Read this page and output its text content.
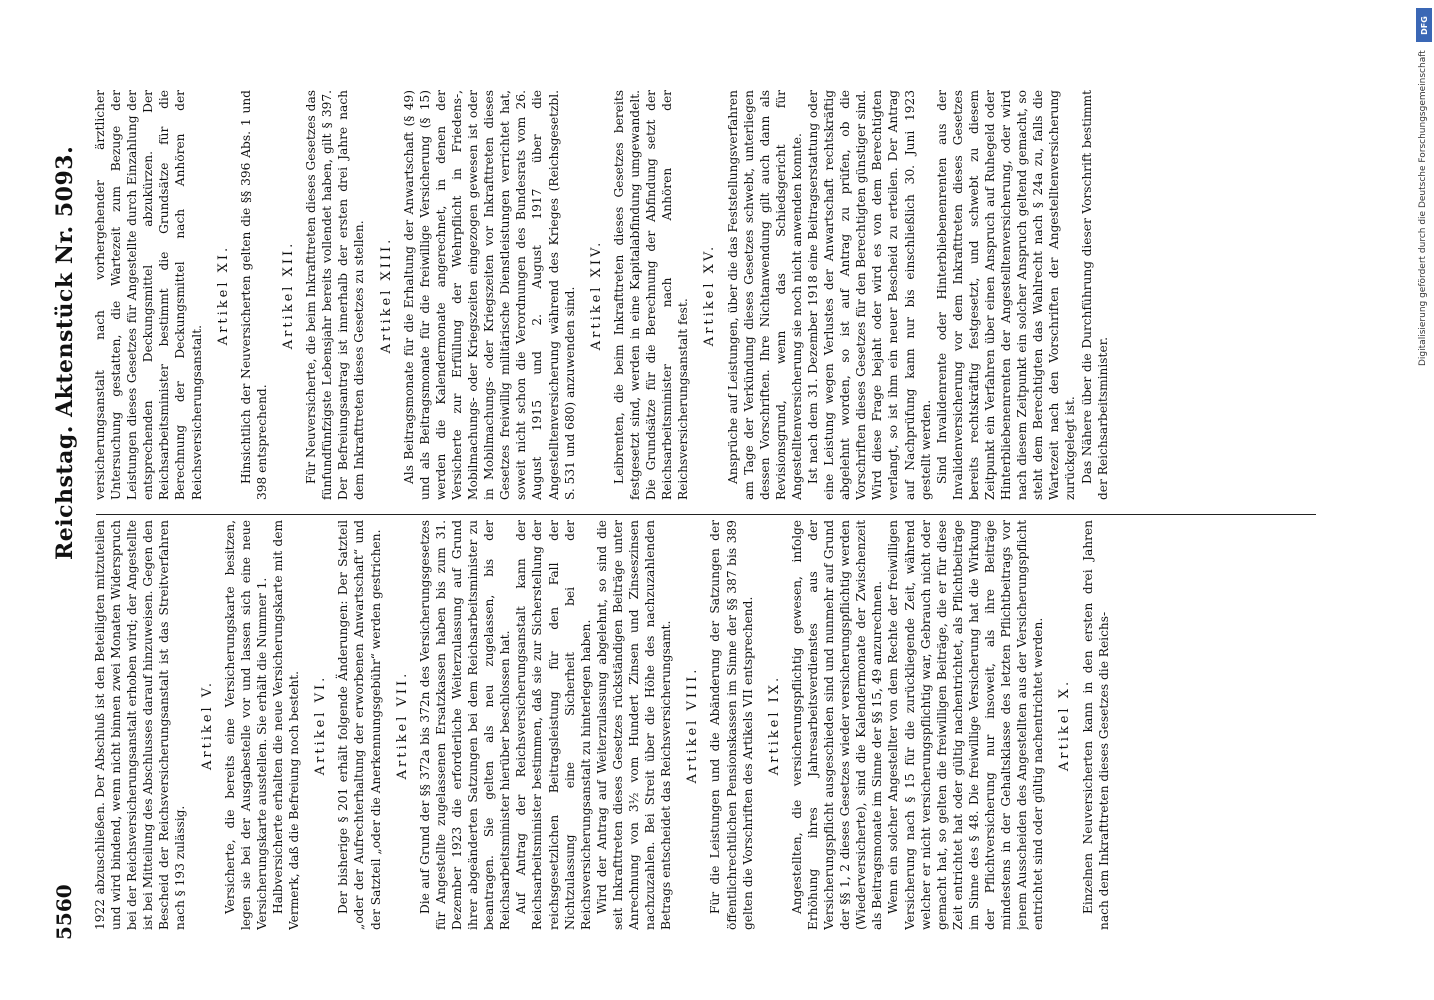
5560
Reichstag. Aktenstück Nr. 5093.

1922 abzuschließen. Der Abschluß ist den Beteiligten mitzuteilen und wird bindend, wenn nicht binnen zwei Monaten Widerspruch bei der Reichsversicherungsanstalt erhoben wird; der Angestellte ist bei Mitteilung des Abschlusses darauf hinzuweisen. Gegen den Bescheid der Reichsversicherungsanstalt ist das Streitverfahren nach § 193 zulässig.

Artikel V. Versicherte, die bereits eine Versicherungskarte besitzen, legen sie bei der Ausgabestelle vor und lassen sich eine neue Versicherungskarte ausstellen. Sie erhält die Nummer 1. Halbversicherte erhalten die neue Versicherungskarte mit dem Vermerk, daß die Befreiung noch besteht. Artikel VI. Der bisherige § 201 erhält folgende Änderungen: Der Satzteil „oder der Aufrechterhaltung der erworbenen Anwartschaft“ und der Satzteil „oder die Anerkennungsgebühr“ werden gestrichen. Artikel VII. Die auf Grund der §§ 372a bis 372n des Versicherungsgesetzes für Angestellte zugelassenen Ersatzkassen haben bis zum 31. Dezember 1923 die erforderliche Weiterzulassung auf Grund ihrer abgeänderten Satzungen bei dem Reichsarbeitsminister zu beantragen. Sie gelten als neu zugelassen, bis der Reichsarbeitsminister hierüber beschlossen hat. Auf Antrag der Reichsversicherungsanstalt kann der Reichsarbeitsminister bestimmen, daß sie zur Sicherstellung der reichsgesetzlichen Beitragsleistung für den Fall der Nichtzulassung eine Sicherheit bei der Reichsversicherungsanstalt zu hinterlegen haben. Wird der Antrag auf Weiterzulassung abgelehnt, so sind die seit Inkrafttreten dieses Gesetzes rückständigen Beiträge unter Anrechnung von 3½ vom Hundert Zinsen und Zinseszinsen nachzuzahlen. Bei Streit über die Höhe des nachzuzahlenden Betrags entscheidet das Reichsversicherungsamt. Artikel VIII. Für die Leistungen und die Abänderung der Satzungen der öffentlichrechtlichen Pensionskassen im Sinne der §§ 387 bis 389 gelten die Vorschriften des Artikels VII entsprechend. Artikel IX. Angestellten, die versicherungspflichtig gewesen, infolge Erhöhung ihres Jahresarbeitsverdienstes aus der Versicherungspflicht ausgeschieden sind und nunmehr auf Grund der §§ 1, 2 dieses Gesetzes wieder versicherungspflichtig werden (Wiederversicherte), sind die Kalendermonate der Zwischenzeit als Beitragsmonate im Sinne der §§ 15, 49 anzurechnen. Wenn ein solcher Angestellter von dem Rechte der freiwilligen Versicherung nach § 15 für die zurückliegende Zeit, während welcher er nicht versicherungspflichtig war, Gebrauch nicht oder gemacht hat, so gelten die freiwilligen Beiträge, die er für diese Zeit entrichtet hat oder gültig nachentrichtet, als Pflichtbeiträge im Sinne des § 48. Die freiwillige Versicherung hat die Wirkung der Pflichtversicherung nur insoweit, als ihre Beiträge mindestens in der Gehaltsklasse des letzten Pflichtbeitrags vor jenem Ausscheiden des Angestellten aus der Versicherungspflicht entrichtet sind oder gültig nachentrichtet werden. Artikel X. Einzelnen Neuversicherten kann in den ersten drei Jahren nach dem Inkrafttreten dieses Gesetzes die Reichs-

versicherungsanstalt nach vorhergehender ärztlicher Untersuchung gestatten, die Wartezeit zum Bezuge der Leistungen dieses Gesetzes für Angestellte durch Einzahlung der entsprechenden Deckungsmittel abzukürzen. Der Reichsarbeitsminister bestimmt die Grundsätze für die Berechnung der Deckungsmittel nach Anhören der Reichsversicherungsanstalt.

Artikel XI. Hinsichtlich der Neuversicherten gelten die §§ 396 Abs. 1 und 398 entsprechend.

Artikel XII. Für Neuversicherte, die beim Inkrafttreten dieses Gesetzes das fünfundfünfzigste Lebensjahr bereits vollendet haben, gilt § 397. Der Befreiungsantrag ist innerhalb der ersten drei Jahre nach dem Inkrafttreten dieses Gesetzes zu stellen. Artikel XIII. Als Beitragsmonate für die Erhaltung der Anwartschaft (§ 49) und als Beitragsmonate für die freiwillige Versicherung (§ 15) werden die Kalendermonate angerechnet, in denen der Versicherte zur Erfüllung der Wehrpflicht in Friedens-, Mobilmachungs- oder Kriegszeiten eingezogen gewesen ist oder in Mobilmachungs- oder Kriegszeiten vor Inkrafttreten dieses Gesetzes freiwillig militärische Dienstleistungen verrichtet hat, soweit nicht schon die Verordnungen des Bundesrats vom 26. August 1915 und 2. August 1917 über die Angestelltenversicherung während des Krieges (Reichsgesetzbl. S. 531 und 680) anzuwenden sind. Artikel XIV. Leibrenten, die beim Inkrafttreten dieses Gesetzes bereits festgesetzt sind, werden in eine Kapitalabfindung umgewandelt. Die Grundsätze für die Berechnung der Abfindung setzt der Reichsarbeitsminister nach Anhören der Reichsversicherungsanstalt fest.

Artikel XV. Ansprüche auf Leistungen, über die das Feststellungsverfahren am Tage der Verkündung dieses Gesetzes schwebt, unterliegen dessen Vorschriften. Ihre Nichtanwendung gilt auch dann als Revisionsgrund, wenn das Schiedsgericht für Angestelltenversicherung sie noch nicht anwenden konnte. Ist nach dem 31. Dezember 1918 eine Beitragserstattung oder eine Leistung wegen Verlustes der Anwartschaft rechtskräftig abgelehnt worden, so ist auf Antrag zu prüfen, ob die Vorschriften dieses Gesetzes für den Berechtigten günstiger sind. Wird diese Frage bejaht oder wird es von dem Berechtigten verlangt, so ist ihm ein neuer Bescheid zu erteilen. Der Antrag auf Nachprüfung kann nur bis einschließlich 30. Juni 1923 gestellt werden. Sind Invalidenrente oder Hinterbliebenenrenten aus der Invalidenversicherung vor dem Inkrafttreten dieses Gesetzes bereits rechtskräftig festgesetzt, und schwebt zu diesem Zeitpunkt ein Verfahren über einen Anspruch auf Ruhegeld oder Hinterbliebenenrenten der Angestelltenversicherung, oder wird nach diesem Zeitpunkt ein solcher Anspruch geltend gemacht, so steht dem Berechtigten das Wahlrecht nach § 24a zu, falls die Wartezeit nach den Vorschriften der Angestelltenversicherung zurückgelegt ist. Das Nähere über die Durchführung dieser Vorschrift bestimmt der Reichsarbeitsminister.

DFG
Digitalisierung gefördert durch die Deutsche Forschungsgemeinschaft
